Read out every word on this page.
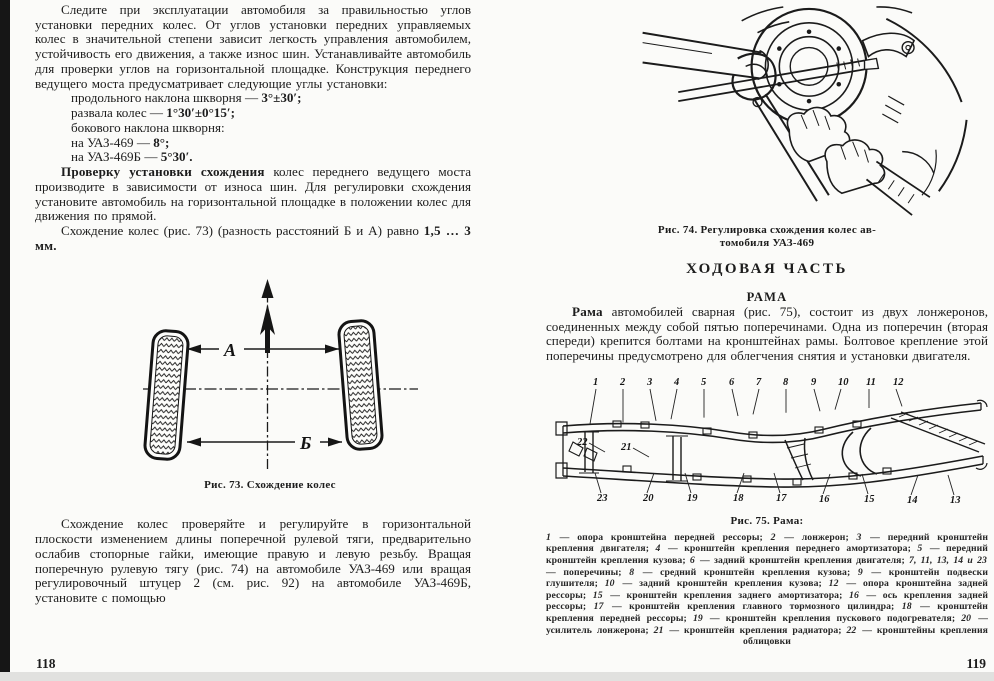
Следите при эксплуатации автомобиля за правильностью углов установки передних колес. От углов установки передних управляемых колес в значительной степени зависит легкость управления автомобилем, устойчивость его движения, а также износ шин. Устанавливайте автомобиль для проверки углов на горизонтальной площадке. Конструкция переднего ведущего моста предусматривает следующие углы установки:

продольного наклона шкворня — 3°±30′;
развала колес — 1°30′±0°15′;
бокового наклона шкворня:
на УАЗ-469 — 8°;
на УАЗ-469Б — 5°30′.

Проверку установки схождения колес переднего ведущего моста производите в зависимости от износа шин. Для регулировки схождения установите автомобиль на горизонтальной площадке в положении колес для движения по прямой.

Схождение колес (рис. 73) (разность расстояний Б и А) равно 1,5 … 3 мм.

А
Б
Рис. 73. Схождение колес

Схождение колес проверяйте и регулируйте в горизонтальной плоскости изменением длины поперечной рулевой тяги, предварительно ослабив стопорные гайки, имеющие правую и левую резьбу. Вращая поперечную рулевую тягу (рис. 74) на автомобиле УАЗ-469 или вращая регулировочный штуцер 2 (см. рис. 92) на автомобиле УАЗ-469Б, установите с помощью

Рис. 74. Регулировка схождения колес ав-
томобиля УАЗ-469
ХОДОВАЯ ЧАСТЬ
РАМА

Рама автомобилей сварная (рис. 75), состоит из двух лонжеронов, соединенных между собой пятью поперечинами. Одна из поперечин (вторая спереди) крепится болтами на кронштейнах рамы. Болтовое крепление этой поперечины предусмотрено для облегчения снятия и установки двигателя.

1 2 3 4 5 6 7 8 9 10 11 12
22	21
23	20	19	18	17	16	15	14	13
Рис. 75. Рама:
1 — опора кронштейна передней рессоры; 2 — лонжерон; 3 — передний кронштейн крепления двигателя; 4 — кронштейн крепления переднего амортизатора; 5 — передний кронштейн крепления кузова; 6 — задний кронштейн крепления двигателя; 7, 11, 13, 14 и 23 — поперечины; 8 — средний кронштейн крепления кузова; 9 — кронштейн подвески глушителя; 10 — задний кронштейн крепления кузова; 12 — опора кронштейна задней рессоры; 15 — кронштейн крепления заднего амортизатора; 16 — ось крепления задней рессоры; 17 — кронштейн крепления главного тормозного цилиндра; 18 — кронштейн крепления передней рессоры; 19 — кронштейн крепления пускового подогревателя; 20 — усилитель лонжерона; 21 — кронштейн крепления радиатора; 22 — кронштейны крепления облицовки
118	119
